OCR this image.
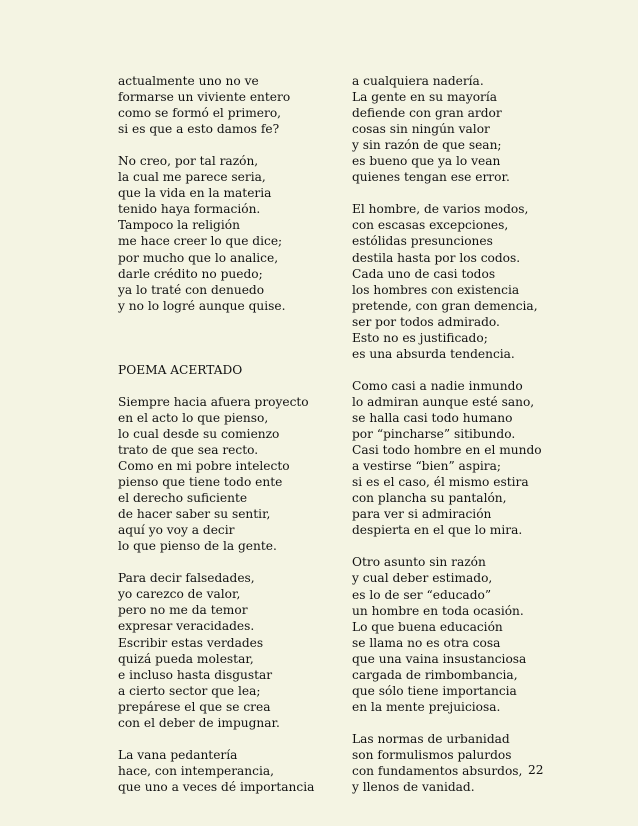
actualmente uno no ve
formarse un viviente entero
como se formó el primero,
si es que a esto damos fe?
No creo, por tal razón,
la cual me parece seria,
que la vida en la materia
tenido haya formación.
Tampoco la religión
me hace creer lo que dice;
por mucho que lo analice,
darle crédito no puedo;
ya lo traté con denuedo
y no lo logré aunque quise.
POEMA ACERTADO
Siempre hacia afuera proyecto
en el acto lo que pienso,
lo cual desde su comienzo
trato de que sea recto.
Como en mi pobre intelecto
pienso que tiene todo ente
el derecho suficiente
de hacer saber su sentir,
aquí yo voy a decir
lo que pienso de la gente.
Para decir falsedades,
yo carezco de valor,
pero no me da temor
expresar veracidades.
Escribir estas verdades
quizá pueda molestar,
e incluso hasta disgustar
a cierto sector que lea;
prepárese el que se crea
con el deber de impugnar.
La vana pedantería
hace, con intemperancia,
que uno a veces dé importancia
a cualquiera nadería.
La gente en su mayoría
defiende con gran ardor
cosas sin ningún valor
y sin razón de que sean;
es bueno que ya lo vean
quienes tengan ese error.
El hombre, de varios modos,
con escasas excepciones,
estólidas presunciones
destila hasta por los codos.
Cada uno de casi todos
los hombres con existencia
pretende, con gran demencia,
ser por todos admirado.
Esto no es justificado;
es una absurda tendencia.
Como casi a nadie inmundo
lo admiran aunque esté sano,
se halla casi todo humano
por “pincharse” sitibundo.
Casi todo hombre en el mundo
a vestirse “bien” aspira;
si es el caso, él mismo estira
con plancha su pantalón,
para ver si admiración
despierta en el que lo mira.
Otro asunto sin razón
y cual deber estimado,
es lo de ser “educado”
un hombre en toda ocasión.
Lo que buena educación
se llama no es otra cosa
que una vaina insustanciosa
cargada de rimbombancia,
que sólo tiene importancia
en la mente prejuiciosa.
Las normas de urbanidad
son formulismos palurdos
con fundamentos absurdos,
y llenos de vanidad.
22
